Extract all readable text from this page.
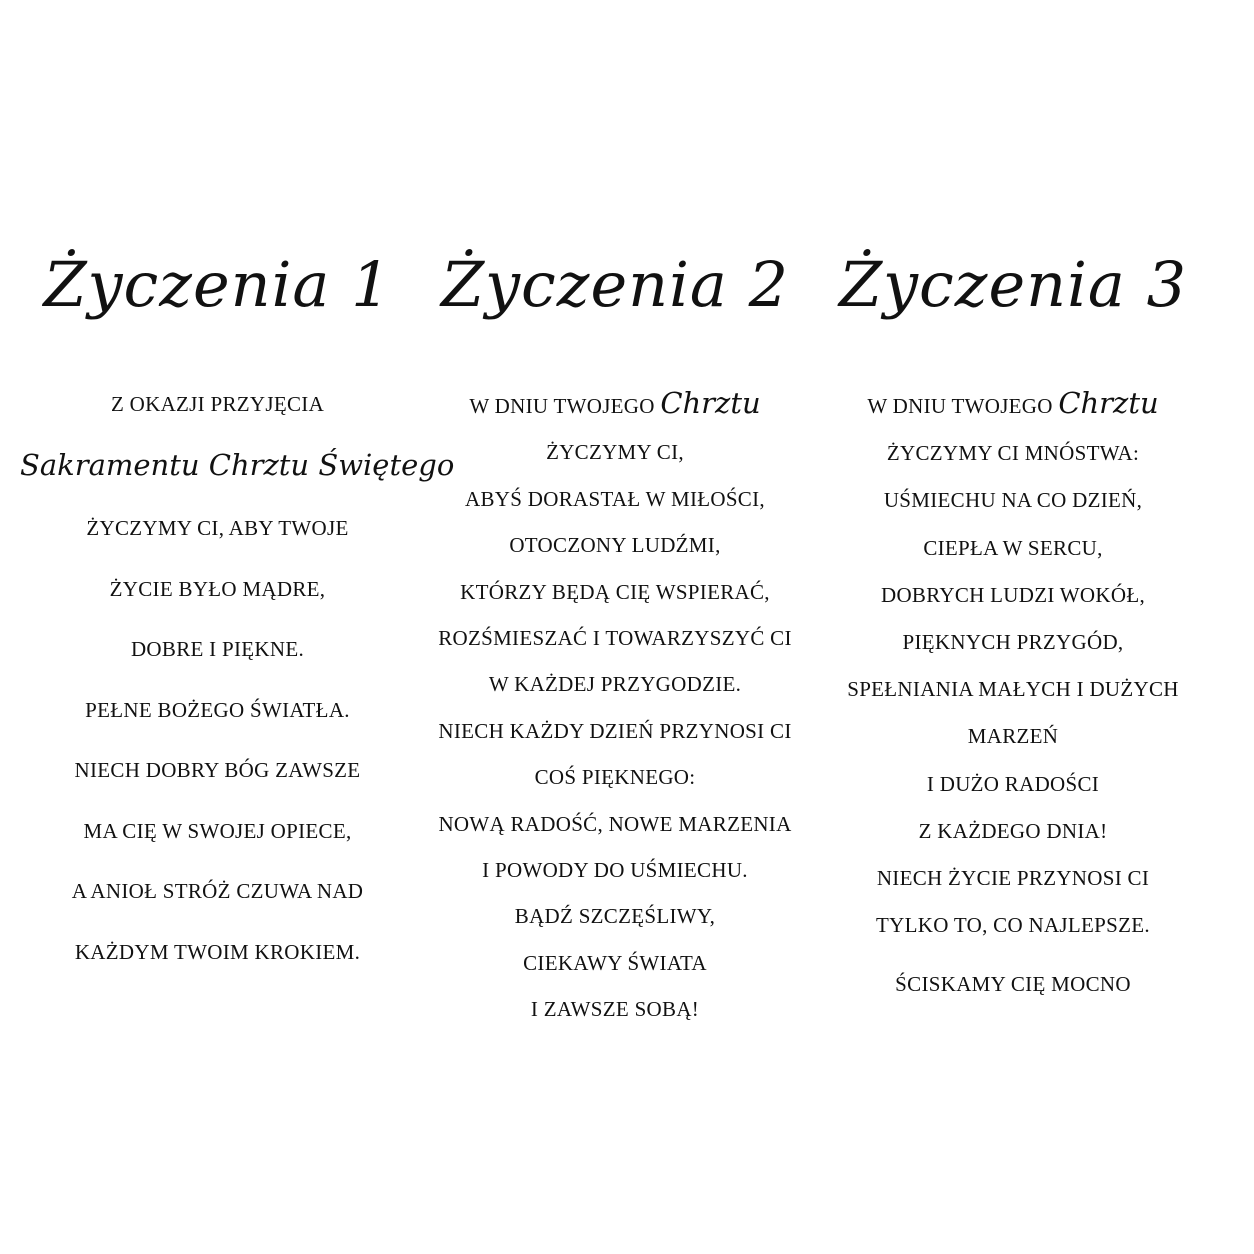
Życzenia 1
Z OKAZJI PRZYJĘCIA
Sakramentu Chrztu Świętego
ŻYCZYMY CI, ABY TWOJE
ŻYCIE BYŁO MĄDRE,
DOBRE I PIĘKNE.
PEŁNE BOŻEGO ŚWIATŁA.
NIECH DOBRY BÓG ZAWSZE
MA CIĘ W SWOJEJ OPIECE,
A ANIOŁ STRÓŻ CZUWA NAD
KAŻDYM TWOIM KROKIEM.
Życzenia 2
W DNIU TWOJEGO Chrztu
ŻYCZYMY CI,
ABYŚ DORASTAŁ W MIŁOŚCI,
OTOCZONY LUDŹMI,
KTÓRZY BĘDĄ CIĘ WSPIERAĆ,
ROZŚMIESZAĆ I TOWARZYSZYĆ CI
W KAŻDEJ PRZYGODZIE.
NIECH KAŻDY DZIEŃ PRZYNOSI CI
COŚ PIĘKNEGO:
NOWĄ RADOŚĆ, NOWE MARZENIA
I POWODY DO UŚMIECHU.
BĄDŹ SZCZĘŚLIWY,
CIEKAWY ŚWIATA
I ZAWSZE SOBĄ!
Życzenia 3
W DNIU TWOJEGO Chrztu
ŻYCZYMY CI MNÓSTWA:
UŚMIECHU NA CO DZIEŃ,
CIEPŁA W SERCU,
DOBRYCH LUDZI WOKÓŁ,
PIĘKNYCH PRZYGÓD,
SPEŁNIANIA MAŁYCH I DUŻYCH
MARZEŃ
I DUŻO RADOŚCI
Z KAŻDEGO DNIA!
NIECH ŻYCIE PRZYNOSI CI
TYLKO TO, CO NAJLEPSZE.
ŚCISKAMY CIĘ MOCNO
